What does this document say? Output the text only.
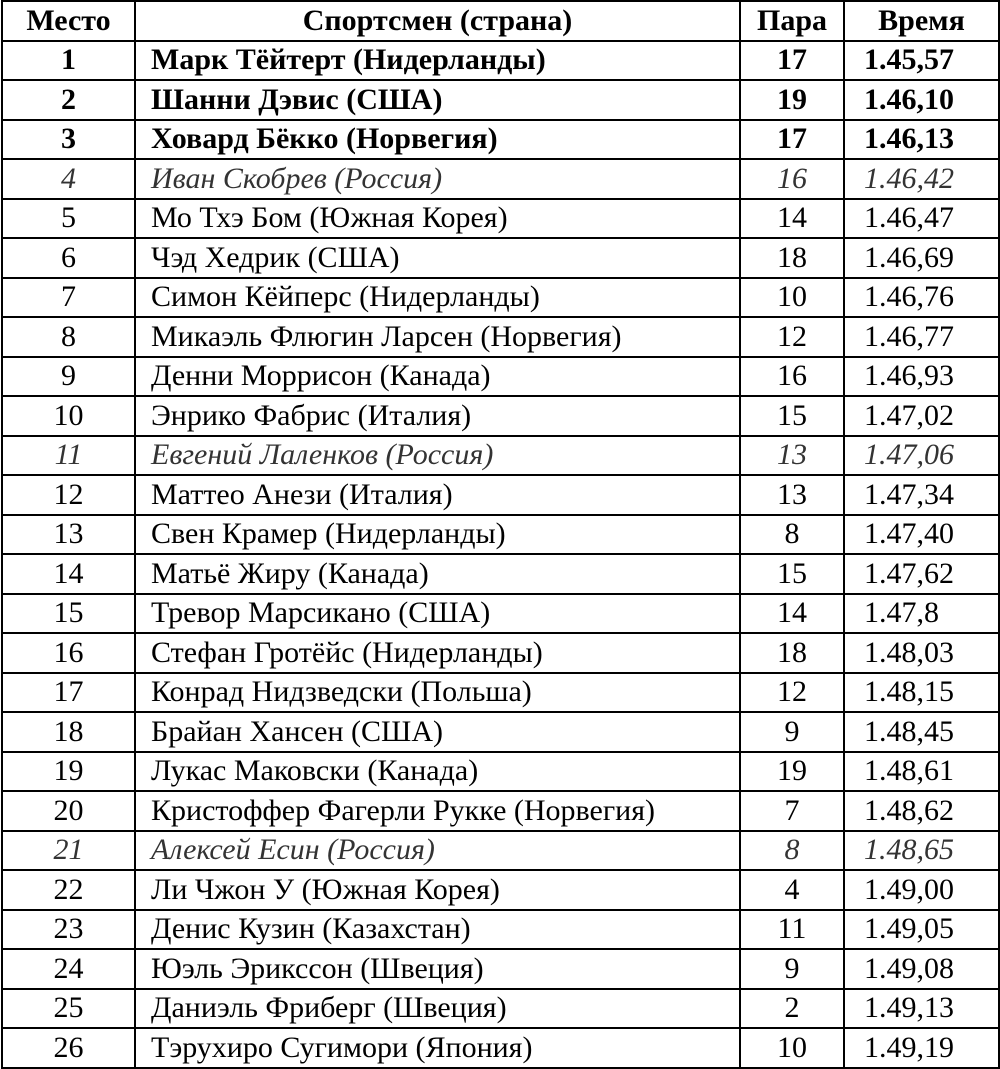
Место	Спортсмен (страна)	Пара	Время
1	Марк Тёйтерт (Нидерланды)	17	1.45,57
2	Шанни Дэвис (США)	19	1.46,10
3	Ховард Бёкко (Норвегия)	17	1.46,13
4	Иван Скобрев (Россия)	16	1.46,42
5	Мо Тхэ Бом (Южная Корея)	14	1.46,47
6	Чэд Хедрик (США)	18	1.46,69
7	Симон Кёйперс (Нидерланды)	10	1.46,76
8	Микаэль Флюгин Ларсен (Норвегия)	12	1.46,77
9	Денни Моррисон (Канада)	16	1.46,93
10	Энрико Фабрис (Италия)	15	1.47,02
11	Евгений Лаленков (Россия)	13	1.47,06
12	Маттео Анези (Италия)	13	1.47,34
13	Свен Крамер (Нидерланды)	8	1.47,40
14	Матьё Жиру (Канада)	15	1.47,62
15	Тревор Марсикано (США)	14	1.47,8
16	Стефан Гротёйс (Нидерланды)	18	1.48,03
17	Конрад Нидзведски (Польша)	12	1.48,15
18	Брайан Хансен (США)	9	1.48,45
19	Лукас Маковски (Канада)	19	1.48,61
20	Кристоффер Фагерли Рукке (Норвегия)	7	1.48,62
21	Алексей Есин (Россия)	8	1.48,65
22	Ли Чжон У (Южная Корея)	4	1.49,00
23	Денис Кузин (Казахстан)	11	1.49,05
24	Юэль Эрикссон (Швеция)	9	1.49,08
25	Даниэль Фриберг (Швеция)	2	1.49,13
26	Тэрухиро Сугимори (Япония)	10	1.49,19
